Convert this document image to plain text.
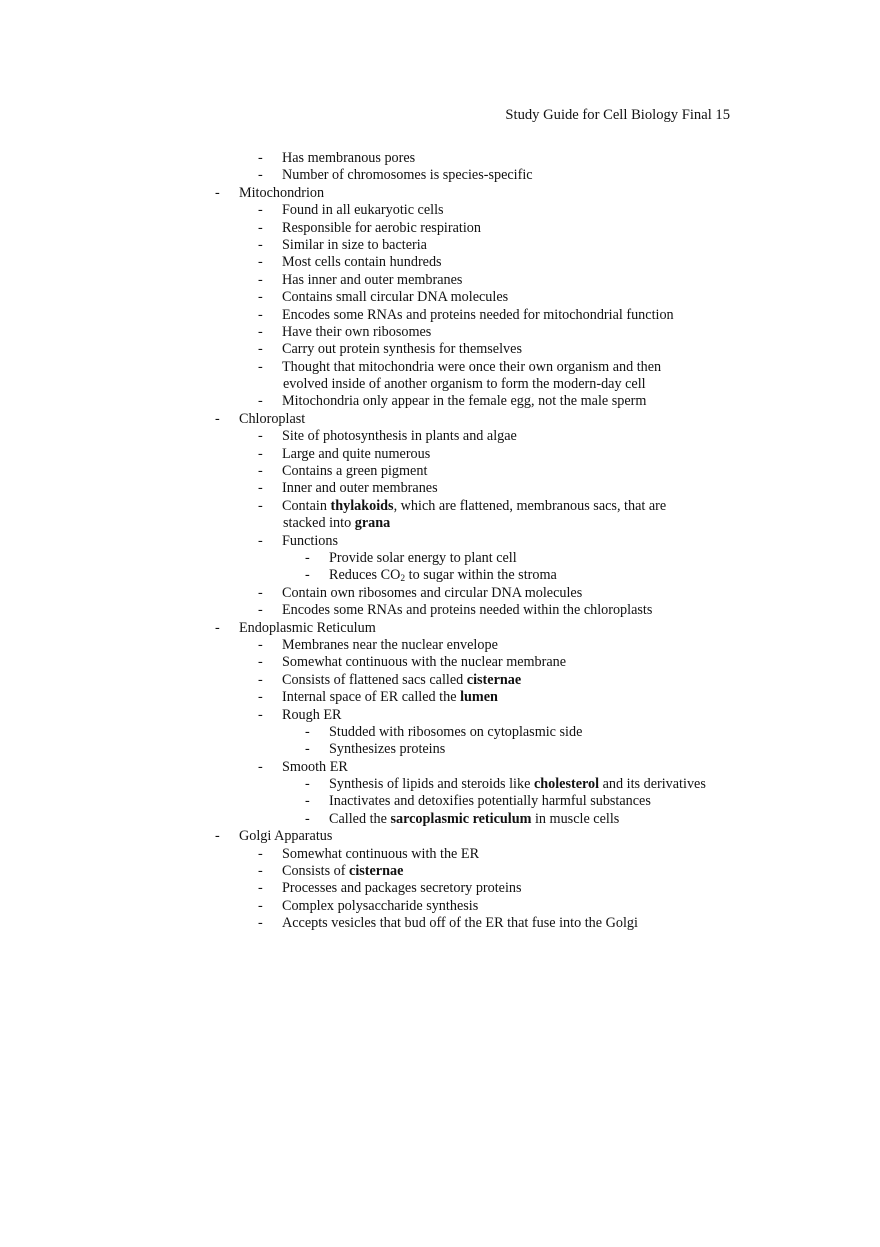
Study Guide for Cell Biology Final 15
- Has membranous pores
- Number of chromosomes is species-specific
- Mitochondrion
- Found in all eukaryotic cells
- Responsible for aerobic respiration
- Similar in size to bacteria
- Most cells contain hundreds
- Has inner and outer membranes
- Contains small circular DNA molecules
- Encodes some RNAs and proteins needed for mitochondrial function
- Have their own ribosomes
- Carry out protein synthesis for themselves
- Thought that mitochondria were once their own organism and then
evolved inside of another organism to form the modern-day cell
- Mitochondria only appear in the female egg, not the male sperm
- Chloroplast
- Site of photosynthesis in plants and algae
- Large and quite numerous
- Contains a green pigment
- Inner and outer membranes
- Contain thylakoids, which are flattened, membranous sacs, that are
stacked into grana
- Functions
- Provide solar energy to plant cell
- Reduces $CO_2$ to sugar within the stroma
- Contain own ribosomes and circular DNA molecules
- Encodes some RNAs and proteins needed within the chloroplasts
- Endoplasmic Reticulum
- Membranes near the nuclear envelope
- Somewhat continuous with the nuclear membrane
- Consists of flattened sacs called cisternae
- Internal space of ER called the lumen
- Rough ER
- Studded with ribosomes on cytoplasmic side
- Synthesizes proteins
- Smooth ER
- Synthesis of lipids and steroids like cholesterol and its derivatives
- Inactivates and detoxifies potentially harmful substances
- Called the sarcoplasmic reticulum in muscle cells
- Golgi Apparatus
- Somewhat continuous with the ER
- Consists of cisternae
- Processes and packages secretory proteins
- Complex polysaccharide synthesis
- Accepts vesicles that bud off of the ER that fuse into the Golgi
